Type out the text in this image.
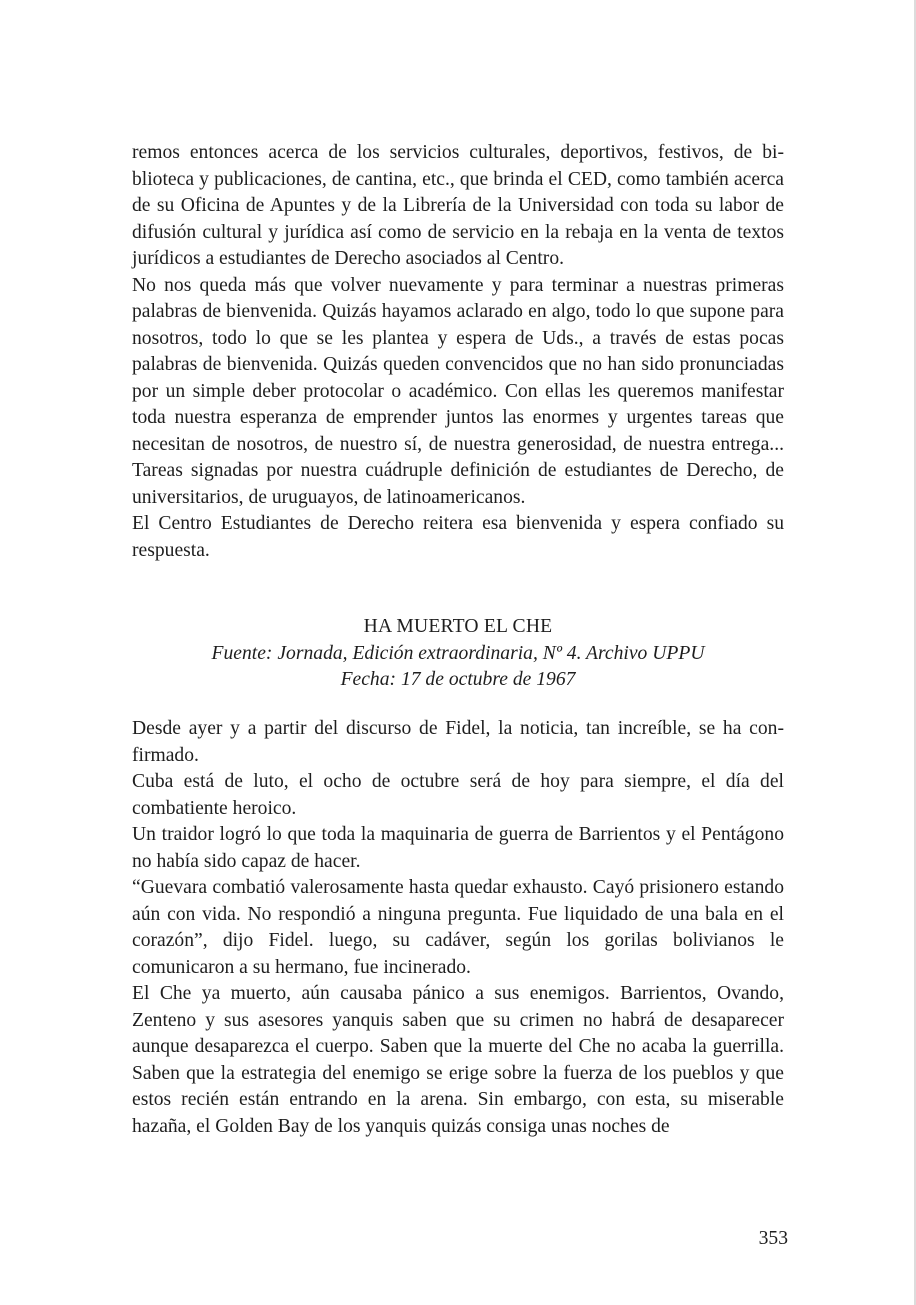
remos entonces acerca de los servicios culturales, deportivos, festivos, de biblioteca y publicaciones, de cantina, etc., que brinda el CED, como también acerca de su Oficina de Apuntes y de la Librería de la Universidad con toda su labor de difusión cultural y jurídica así como de servicio en la rebaja en la venta de textos jurídicos a estudiantes de Derecho asociados al Centro.

No nos queda más que volver nuevamente y para terminar a nuestras primeras palabras de bienvenida. Quizás hayamos aclarado en algo, todo lo que supone para nosotros, todo lo que se les plantea y espera de Uds., a través de estas pocas palabras de bienvenida. Quizás queden convencidos que no han sido pronunciadas por un simple deber protocolar o académico. Con ellas les queremos manifestar toda nuestra esperanza de emprender juntos las enormes y urgentes tareas que necesitan de nosotros, de nuestro sí, de nuestra generosidad, de nuestra entrega... Tareas signadas por nuestra cuádruple definición de estudiantes de Derecho, de universitarios, de uruguayos, de latinoamericanos.

El Centro Estudiantes de Derecho reitera esa bienvenida y espera confiado su respuesta.

HA MUERTO EL CHE
Fuente: Jornada, Edición extraordinaria, Nº 4. Archivo UPPU
Fecha: 17 de octubre de 1967

Desde ayer y a partir del discurso de Fidel, la noticia, tan increíble, se ha confirmado.

Cuba está de luto, el ocho de octubre será de hoy para siempre, el día del combatiente heroico.

Un traidor logró lo que toda la maquinaria de guerra de Barrientos y el Pentágono no había sido capaz de hacer.

“Guevara combatió valerosamente hasta quedar exhausto. Cayó prisionero estando aún con vida. No respondió a ninguna pregunta. Fue liquidado de una bala en el corazón”, dijo Fidel. luego, su cadáver, según los gorilas bolivianos le comunicaron a su hermano, fue incinerado.

El Che ya muerto, aún causaba pánico a sus enemigos. Barrientos, Ovando, Zenteno y sus asesores yanquis saben que su crimen no habrá de desaparecer aunque desaparezca el cuerpo. Saben que la muerte del Che no acaba la guerrilla. Saben que la estrategia del enemigo se erige sobre la fuerza de los pueblos y que estos recién están entrando en la arena. Sin embargo, con esta, su miserable hazaña, el Golden Bay de los yanquis quizás consiga unas noches de

353
